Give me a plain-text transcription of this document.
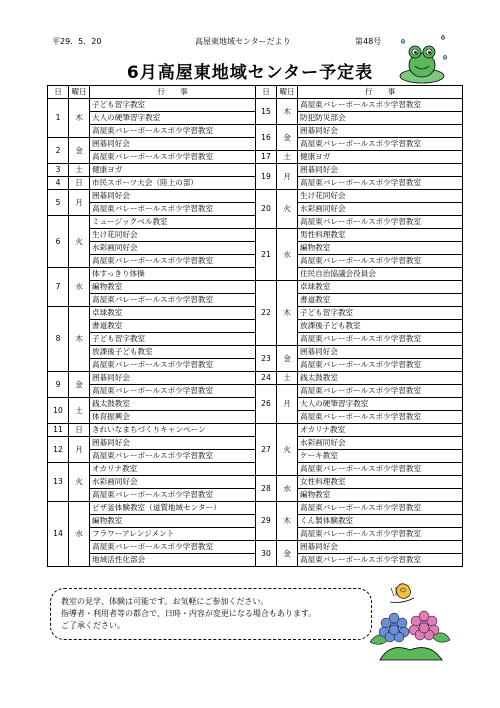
平29．5．20	高屋東地域センターだより	第48号
6月高屋東地域センター予定表
日	曜日	行　　事
1	木	子ども習字教室
		大人の硬筆習字教室
		高屋東バレーボールスポ少学習教室
2	金	囲碁同好会
		高屋東バレーボールスポ少学習教室
3	土	健康ヨガ
4	日	市民スポーツ大会（陸上の部）
5	月	囲碁同好会
		高屋東バレーボールスポ少学習教室
6	火	ミュージックベル教室
		生け花同好会
		水彩画同好会
		高屋東バレーボールスポ少学習教室
7	水	体すっきり体操
		編物教室
		高屋東バレーボールスポ少学習教室
8	木	卓球教室
		書道教室
		子ども習字教室
		放課後子ども教室
		高屋東バレーボールスポ少学習教室
9	金	囲碁同好会
		高屋東バレーボールスポ少学習教室
10	土	銭太鼓教室
		体育振興会
11	日	きれいなまちづくりキャンペーン
12	月	囲碁同好会
		高屋東バレーボールスポ少学習教室
13	火	オカリナ教室
		水彩画同好会
		高屋東バレーボールスポ少学習教室
14	水	ピザ釜体験教室（道質地域センター）
		編物教室
		フラワーアレンジメント
		高屋東バレーボールスポ少学習教室
		地域活性化部会
日	曜日	行　　事
15	木	高屋東バレーボールスポ少学習教室
		防犯防災部会
16	金	囲碁同好会
		高屋東バレーボールスポ少学習教室
17	土	健康ヨガ
19	月	囲碁同好会
		高屋東バレーボールスポ少学習教室
20	火	生け花同好会
		水彩画同好会
		高屋東バレーボールスポ少学習教室
21	水	男性料理教室
		編物教室
		高屋東バレーボールスポ少学習教室
		住民自治協議会役員会
22	木	卓球教室
		書道教室
		子ども習字教室
		放課後子ども教室
		高屋東バレーボールスポ少学習教室
23	金	囲碁同好会
		高屋東バレーボールスポ少学習教室
24	土	銭太鼓教室
26	月	高屋東バレーボールスポ少学習教室
		大人の硬筆習字教室
		高屋東バレーボールスポ少学習教室
27	火	オカリナ教室
		水彩画同好会
		ケーキ教室
		高屋東バレーボールスポ少学習教室
28	水	女性料理教室
		編物教室
29	木	高屋東バレーボールスポ少学習教室
		くん製体験教室
		高屋東バレーボールスポ少学習教室
30	金	囲碁同好会
		高屋東バレーボールスポ少学習教室
教室の見学、体験は可能です。お気軽にご参加ください。
指導者・利用者等の都合で、日時・内容が変更になる場合もあります。
ご了承ください。
